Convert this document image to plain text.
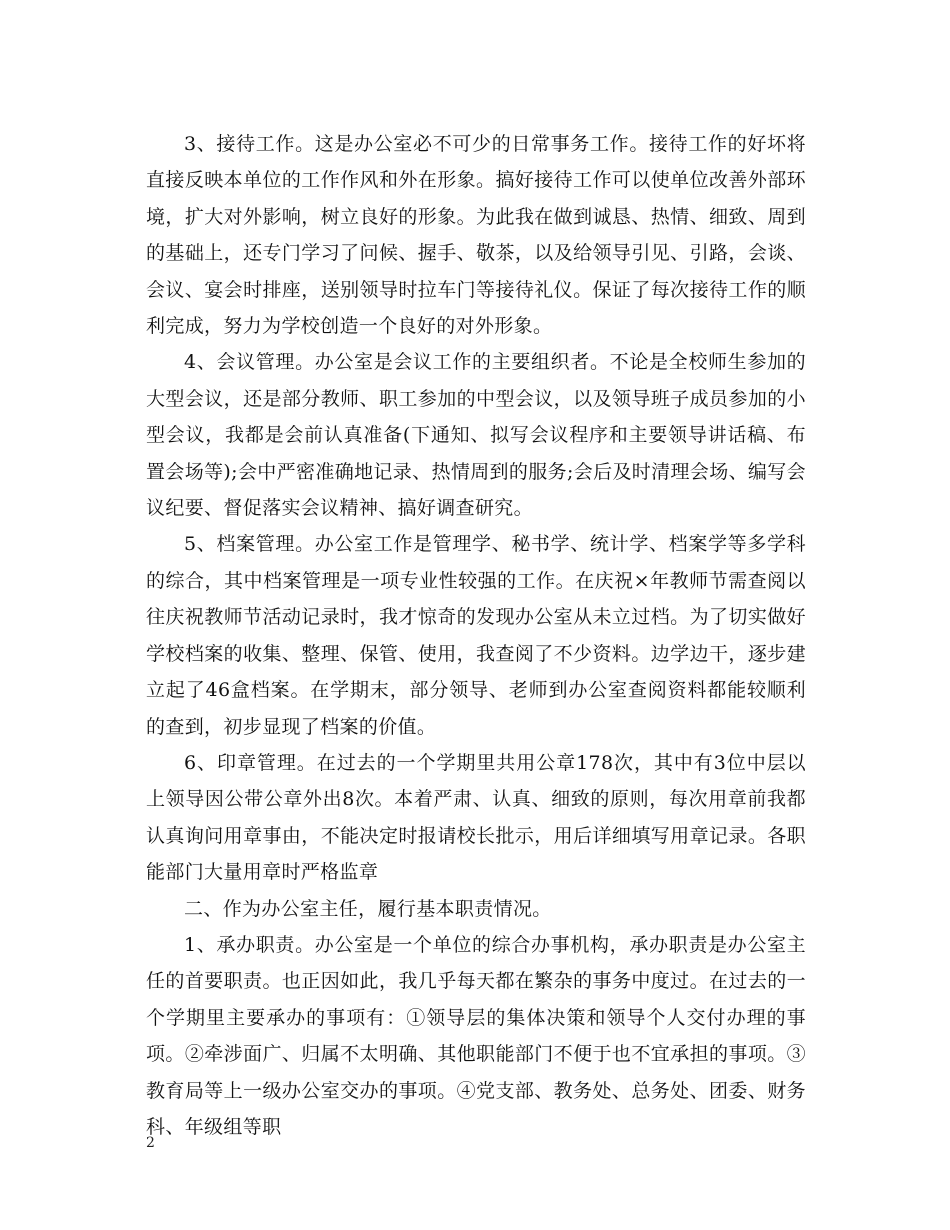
3、接待工作。这是办公室必不可少的日常事务工作。接待工作的好坏将直接反映本单位的工作作风和外在形象。搞好接待工作可以使单位改善外部环境，扩大对外影响，树立良好的形象。为此我在做到诚恳、热情、细致、周到的基础上，还专门学习了问候、握手、敬茶，以及给领导引见、引路，会谈、会议、宴会时排座，送别领导时拉车门等接待礼仪。保证了每次接待工作的顺利完成，努力为学校创造一个良好的对外形象。

4、会议管理。办公室是会议工作的主要组织者。不论是全校师生参加的大型会议，还是部分教师、职工参加的中型会议，以及领导班子成员参加的小型会议，我都是会前认真准备(下通知、拟写会议程序和主要领导讲话稿、布置会场等);会中严密准确地记录、热情周到的服务;会后及时清理会场、编写会议纪要、督促落实会议精神、搞好调查研究。

5、档案管理。办公室工作是管理学、秘书学、统计学、档案学等多学科的综合，其中档案管理是一项专业性较强的工作。在庆祝×年教师节需查阅以往庆祝教师节活动记录时，我才惊奇的发现办公室从未立过档。为了切实做好学校档案的收集、整理、保管、使用，我查阅了不少资料。边学边干，逐步建立起了46盒档案。在学期末，部分领导、老师到办公室查阅资料都能较顺利的查到，初步显现了档案的价值。

6、印章管理。在过去的一个学期里共用公章178次，其中有3位中层以上领导因公带公章外出8次。本着严肃、认真、细致的原则，每次用章前我都认真询问用章事由，不能决定时报请校长批示，用后详细填写用章记录。各职能部门大量用章时严格监章

二、作为办公室主任，履行基本职责情况。

1、承办职责。办公室是一个单位的综合办事机构，承办职责是办公室主任的首要职责。也正因如此，我几乎每天都在繁杂的事务中度过。在过去的一个学期里主要承办的事项有：①领导层的集体决策和领导个人交付办理的事项。②牵涉面广、归属不太明确、其他职能部门不便于也不宜承担的事项。③教育局等上一级办公室交办的事项。④党支部、教务处、总务处、团委、财务科、年级组等职

2
